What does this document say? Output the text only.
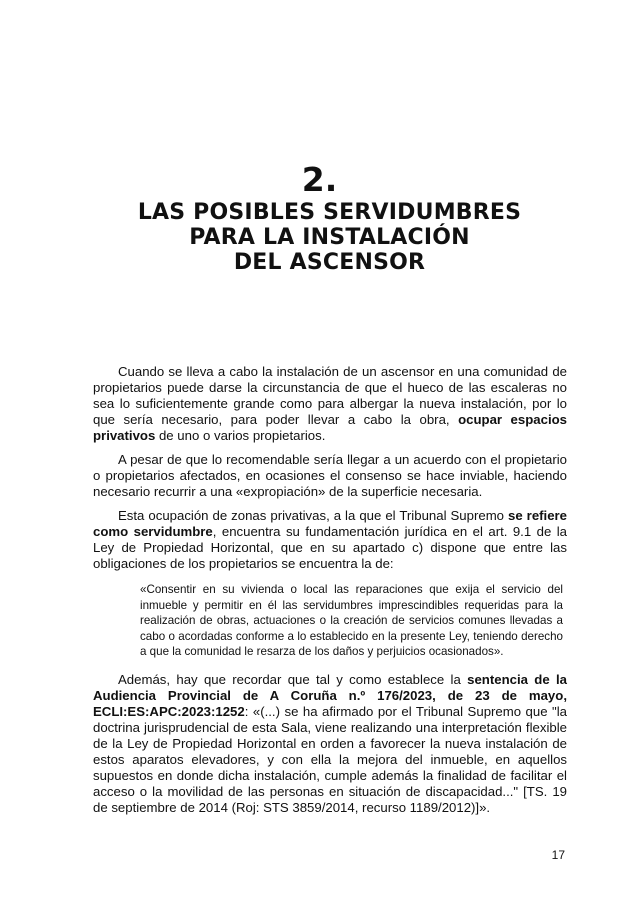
2.
LAS POSIBLES SERVIDUMBRES
PARA LA INSTALACIÓN
DEL ASCENSOR

Cuando se lleva a cabo la instalación de un ascensor en una comunidad de propietarios puede darse la circunstancia de que el hueco de las escaleras no sea lo suficientemente grande como para albergar la nueva instalación, por lo que sería necesario, para poder llevar a cabo la obra, ocupar espacios privativos de uno o varios propietarios.

A pesar de que lo recomendable sería llegar a un acuerdo con el propietario o propietarios afectados, en ocasiones el consenso se hace inviable, haciendo necesario recurrir a una «expropiación» de la superficie necesaria.

Esta ocupación de zonas privativas, a la que el Tribunal Supremo se refiere como servidumbre, encuentra su fundamentación jurídica en el art. 9.1 de la Ley de Propiedad Horizontal, que en su apartado c) dispone que entre las obligaciones de los propietarios se encuentra la de:

«Consentir en su vivienda o local las reparaciones que exija el servicio del inmueble y permitir en él las servidumbres imprescindibles requeridas para la realización de obras, actuaciones o la creación de servicios comunes llevadas a cabo o acordadas conforme a lo establecido en la presente Ley, teniendo derecho a que la comunidad le resarza de los daños y perjuicios ocasionados».

Además, hay que recordar que tal y como establece la sentencia de la Audiencia Provincial de A Coruña n.º 176/2023, de 23 de mayo, ECLI:ES:APC:2023:1252: «(...) se ha afirmado por el Tribunal Supremo que "la doctrina jurisprudencial de esta Sala, viene realizando una interpretación flexible de la Ley de Propiedad Horizontal en orden a favorecer la nueva instalación de estos aparatos elevadores, y con ella la mejora del inmueble, en aquellos supuestos en donde dicha instalación, cumple además la finalidad de facilitar el acceso o la movilidad de las personas en situación de discapacidad..." [TS. 19 de septiembre de 2014 (Roj: STS 3859/2014, recurso 1189/2012)]».

17
